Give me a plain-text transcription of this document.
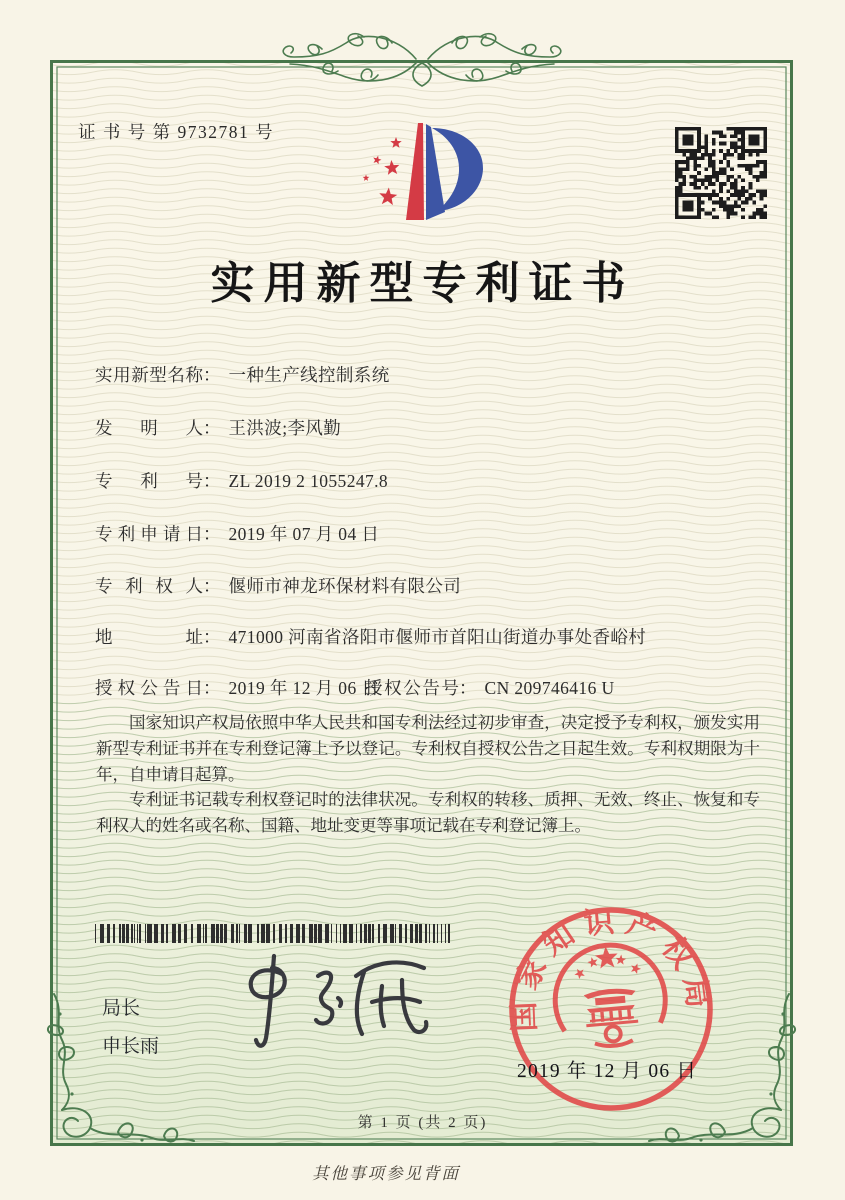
证 书 号 第 9732781 号
实用新型专利证书
实用新型名称： 一种生产线控制系统
发明人： 王洪波;李风勤
专利号： ZL 2019 2 1055247.8
专利申请日： 2019 年 07 月 04 日
专利权人： 偃师市神龙环保材料有限公司
地址： 471000 河南省洛阳市偃师市首阳山街道办事处香峪村
授权公告日： 2019 年 12 月 06 日
授权公告号： CN 209746416 U

国家知识产权局依照中华人民共和国专利法经过初步审查，决定授予专利权，颁发实用新型专利证书并在专利登记簿上予以登记。专利权自授权公告之日起生效。专利权期限为十年，自申请日起算。

专利证书记载专利权登记时的法律状况。专利权的转移、质押、无效、终止、恢复和专利权人的姓名或名称、国籍、地址变更等事项记载在专利登记簿上。

局长
申长雨
国家知识产权局
2019 年 12 月 06 日
第 1 页 (共 2 页)
其他事项参见背面
